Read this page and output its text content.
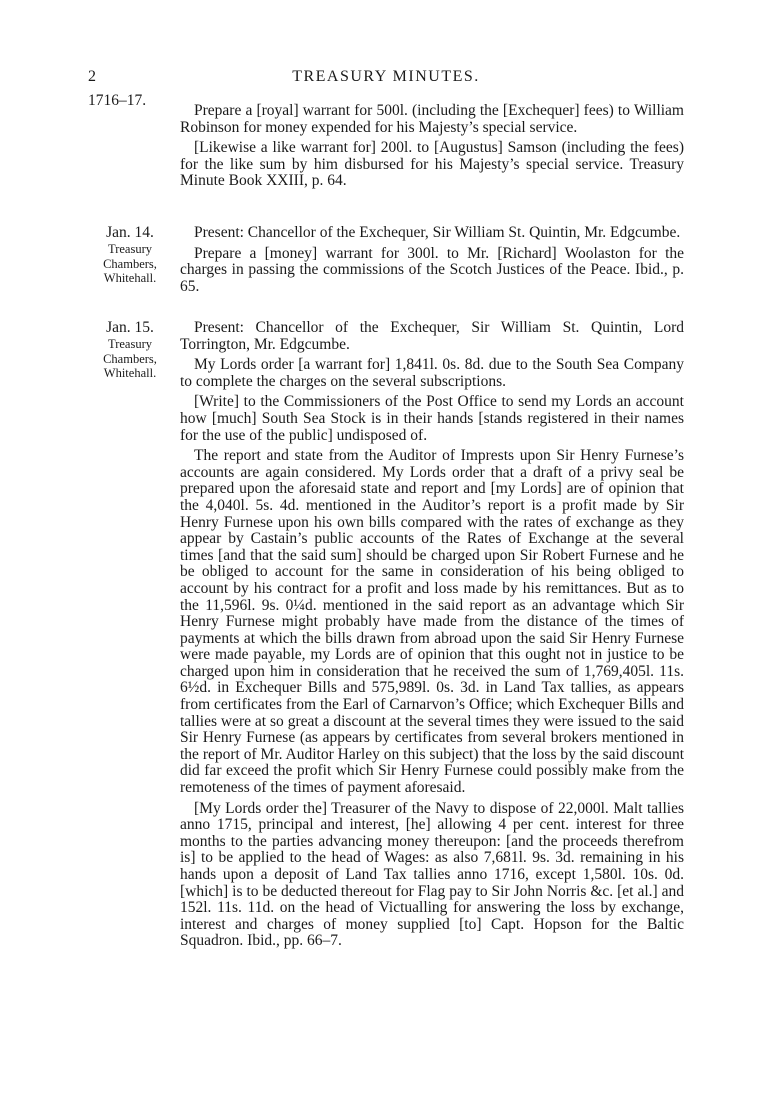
2	TREASURY MINUTES.
1716–17.

Prepare a [royal] warrant for 500l. (including the [Exchequer] fees) to William Robinson for money expended for his Majesty’s special service.

[Likewise a like warrant for] 200l. to [Augustus] Samson (including the fees) for the like sum by him disbursed for his Majesty’s special service. Treasury Minute Book XXIII, p. 64.

Jan. 14.
Treasury
Chambers,
Whitehall.

Present: Chancellor of the Exchequer, Sir William St. Quintin, Mr. Edgcumbe.

Prepare a [money] warrant for 300l. to Mr. [Richard] Woolaston for the charges in passing the commissions of the Scotch Justices of the Peace. Ibid., p. 65.

Jan. 15.
Treasury
Chambers,
Whitehall.

Present: Chancellor of the Exchequer, Sir William St. Quintin, Lord Torrington, Mr. Edgcumbe.

My Lords order [a warrant for] 1,841l. 0s. 8d. due to the South Sea Company to complete the charges on the several subscriptions.

[Write] to the Commissioners of the Post Office to send my Lords an account how [much] South Sea Stock is in their hands [stands registered in their names for the use of the public] undisposed of.

The report and state from the Auditor of Imprests upon Sir Henry Furnese’s accounts are again considered. My Lords order that a draft of a privy seal be prepared upon the aforesaid state and report and [my Lords] are of opinion that the 4,040l. 5s. 4d. mentioned in the Auditor’s report is a profit made by Sir Henry Furnese upon his own bills compared with the rates of exchange as they appear by Castain’s public accounts of the Rates of Exchange at the several times [and that the said sum] should be charged upon Sir Robert Furnese and he be obliged to account for the same in consideration of his being obliged to account by his contract for a profit and loss made by his remittances. But as to the 11,596l. 9s. 0¼d. mentioned in the said report as an advantage which Sir Henry Furnese might probably have made from the distance of the times of payments at which the bills drawn from abroad upon the said Sir Henry Furnese were made payable, my Lords are of opinion that this ought not in justice to be charged upon him in consideration that he received the sum of 1,769,405l. 11s. 6½d. in Exchequer Bills and 575,989l. 0s. 3d. in Land Tax tallies, as appears from certificates from the Earl of Carnarvon’s Office; which Exchequer Bills and tallies were at so great a discount at the several times they were issued to the said Sir Henry Furnese (as appears by certificates from several brokers mentioned in the report of Mr. Auditor Harley on this subject) that the loss by the said discount did far exceed the profit which Sir Henry Furnese could possibly make from the remoteness of the times of payment aforesaid.

[My Lords order the] Treasurer of the Navy to dispose of 22,000l. Malt tallies anno 1715, principal and interest, [he] allowing 4 per cent. interest for three months to the parties advancing money thereupon: [and the proceeds therefrom is] to be applied to the head of Wages: as also 7,681l. 9s. 3d. remaining in his hands upon a deposit of Land Tax tallies anno 1716, except 1,580l. 10s. 0d. [which] is to be deducted thereout for Flag pay to Sir John Norris &c. [et al.] and 152l. 11s. 11d. on the head of Victualling for answering the loss by exchange, interest and charges of money supplied [to] Capt. Hopson for the Baltic Squadron. Ibid., pp. 66–7.
